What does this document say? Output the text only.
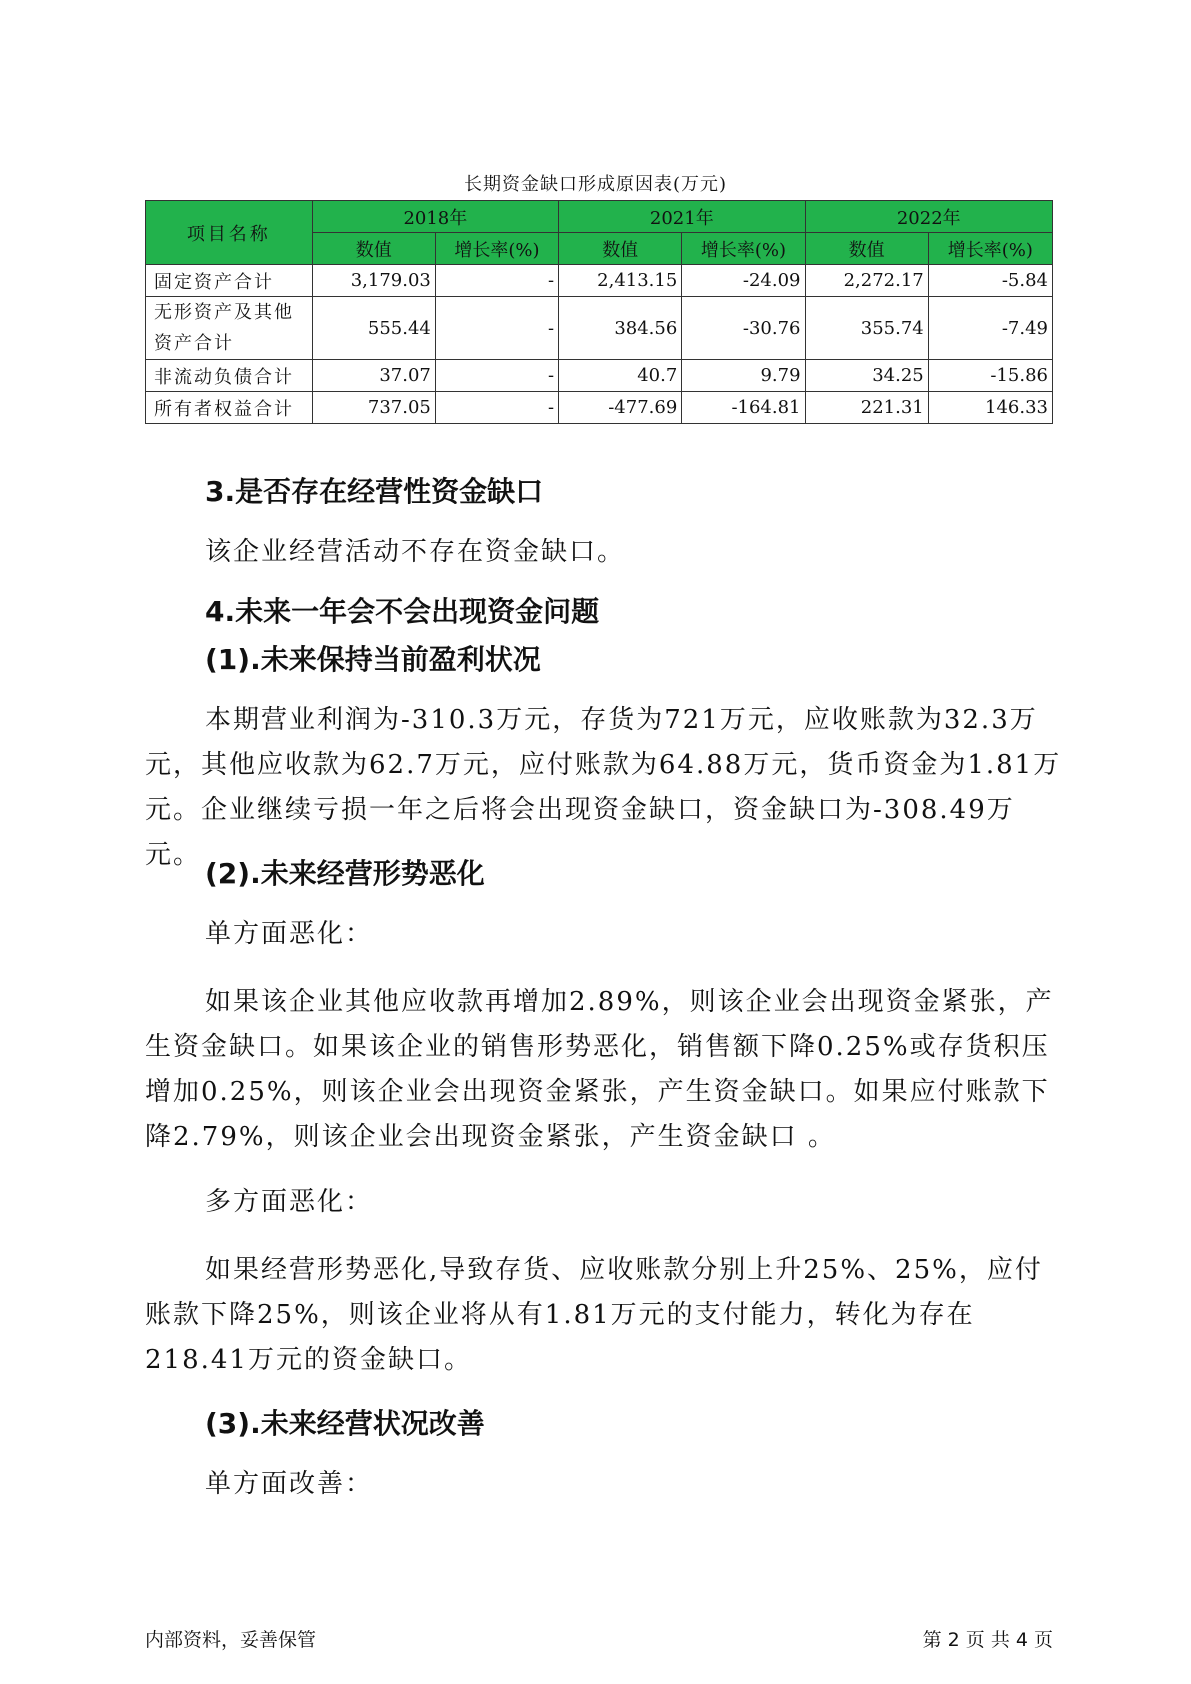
长期资金缺口形成原因表(万元)
项目名称	2018年		2021年		2022年	
	数值	增长率(%)	数值	增长率(%)	数值	增长率(%)
固定资产合计	3,179.03	-	2,413.15	-24.09	2,272.17	-5.84
无形资产及其他资产合计	555.44	-	384.56	-30.76	355.74	-7.49
非流动负债合计	37.07	-	40.7	9.79	34.25	-15.86
所有者权益合计	737.05	-	-477.69	-164.81	221.31	146.33
3.是否存在经营性资金缺口
该企业经营活动不存在资金缺口。
4.未来一年会不会出现资金问题
(1).未来保持当前盈利状况
本期营业利润为-310.3万元，存货为721万元，应收账款为32.3万元，其他应收款为62.7万元，应付账款为64.88万元，货币资金为1.81万元。企业继续亏损一年之后将会出现资金缺口，资金缺口为-308.49万元。
(2).未来经营形势恶化
单方面恶化：
如果该企业其他应收款再增加2.89%，则该企业会出现资金紧张，产生资金缺口。如果该企业的销售形势恶化，销售额下降0.25%或存货积压增加0.25%，则该企业会出现资金紧张，产生资金缺口。如果应付账款下降2.79%，则该企业会出现资金紧张，产生资金缺口 。
多方面恶化：
如果经营形势恶化,导致存货、应收账款分别上升25%、25%，应付账款下降25%，则该企业将从有1.81万元的支付能力，转化为存在218.41万元的资金缺口。
(3).未来经营状况改善
单方面改善：
内部资料，妥善保管	第 2 页 共 4 页
